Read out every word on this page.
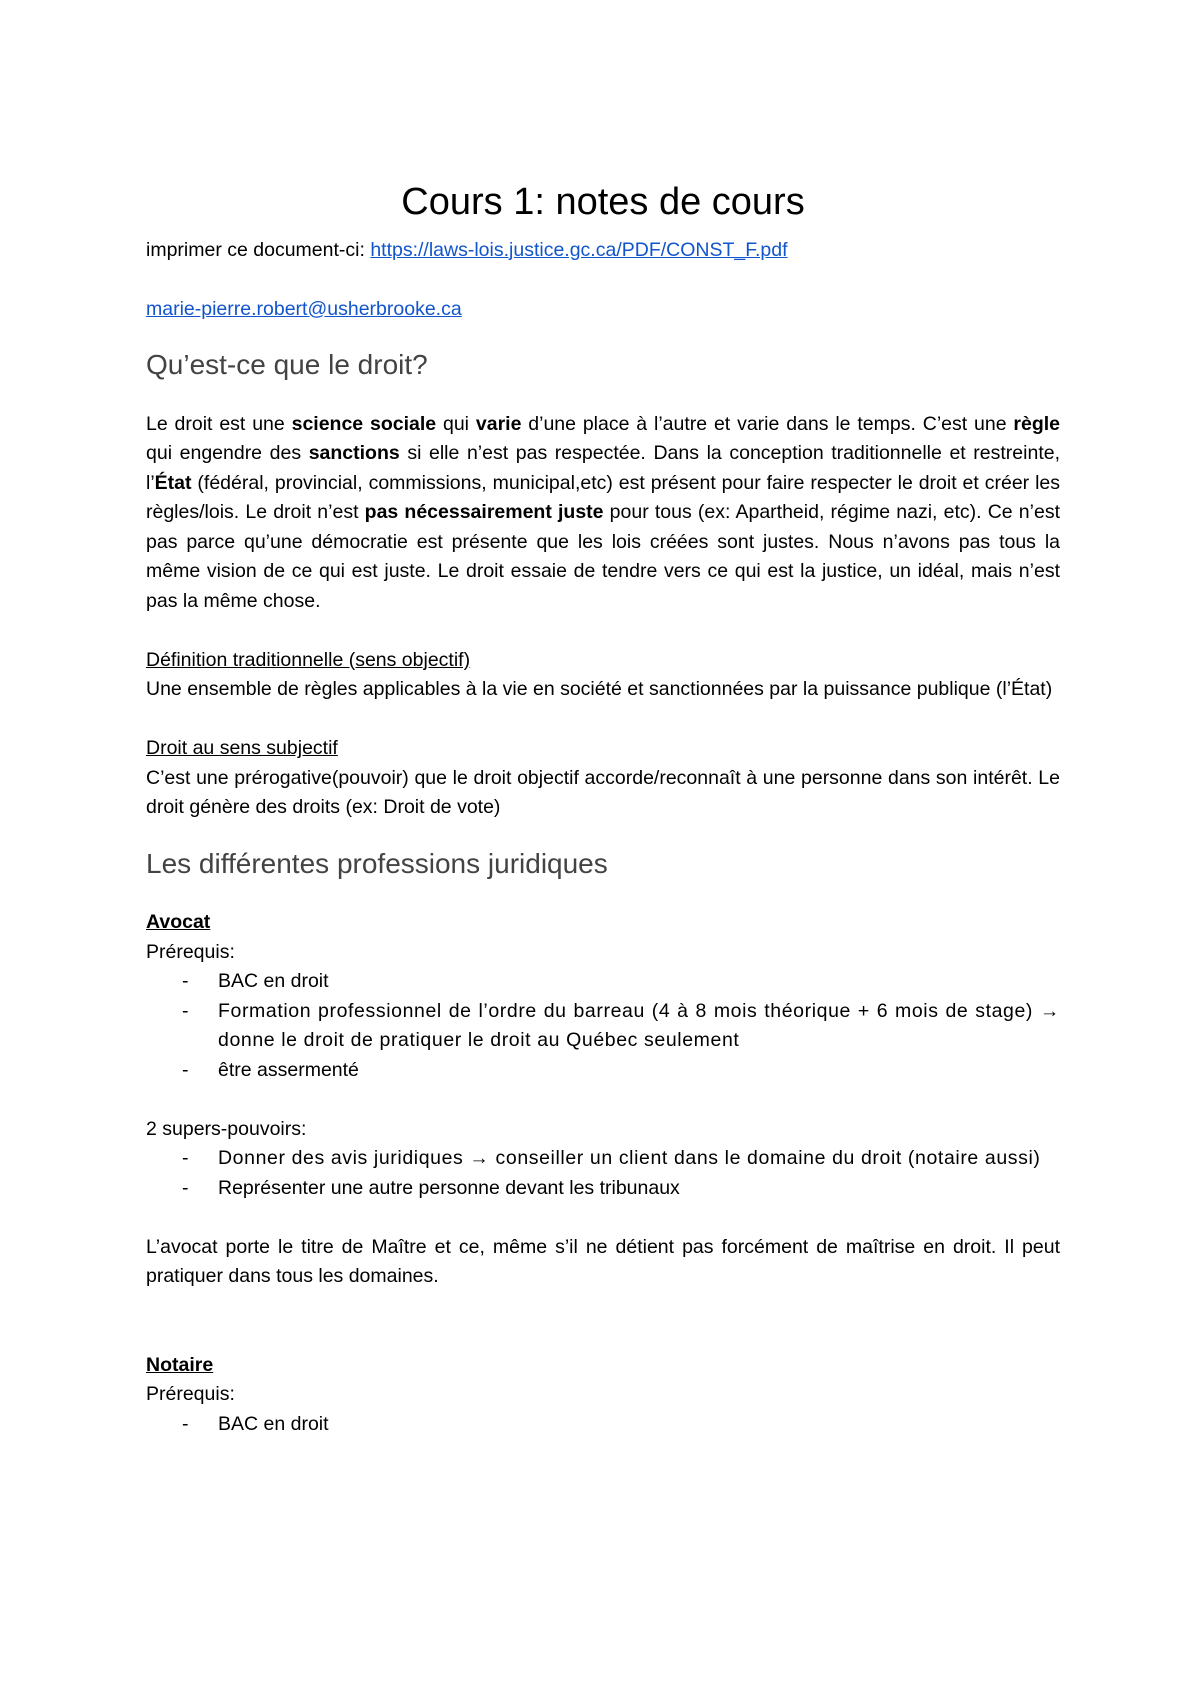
Cours 1: notes de cours

imprimer ce document-ci: https://laws-lois.justice.gc.ca/PDF/CONST_F.pdf

marie-pierre.robert@usherbrooke.ca

Qu’est-ce que le droit?

Le droit est une science sociale qui varie d’une place à l’autre et varie dans le temps. C’est une règle qui engendre des sanctions si elle n’est pas respectée. Dans la conception traditionnelle et restreinte, l’État (fédéral, provincial, commissions, municipal,etc) est présent pour faire respecter le droit et créer les règles/lois. Le droit n’est pas nécessairement juste pour tous (ex: Apartheid, régime nazi, etc). Ce n’est pas parce qu’une démocratie est présente que les lois créées sont justes. Nous n’avons pas tous la même vision de ce qui est juste. Le droit essaie de tendre vers ce qui est la justice, un idéal, mais n’est pas la même chose.

Définition traditionnelle (sens objectif)

Une ensemble de règles applicables à la vie en société et sanctionnées par la puissance publique (l’État)

Droit au sens subjectif

C’est une prérogative(pouvoir) que le droit objectif accorde/reconnaît à une personne dans son intérêt. Le droit génère des droits (ex: Droit de vote)

Les différentes professions juridiques

Avocat

Prérequis:

- BAC en droit
- Formation professionnel de l’ordre du barreau (4 à 8 mois théorique + 6 mois de stage) → donne le droit de pratiquer le droit au Québec seulement
- être assermenté

2 supers-pouvoirs:

- Donner des avis juridiques → conseiller un client dans le domaine du droit (notaire aussi)
- Représenter une autre personne devant les tribunaux

L’avocat porte le titre de Maître et ce, même s’il ne détient pas forcément de maîtrise en droit. Il peut pratiquer dans tous les domaines.

Notaire

Prérequis:

- BAC en droit
